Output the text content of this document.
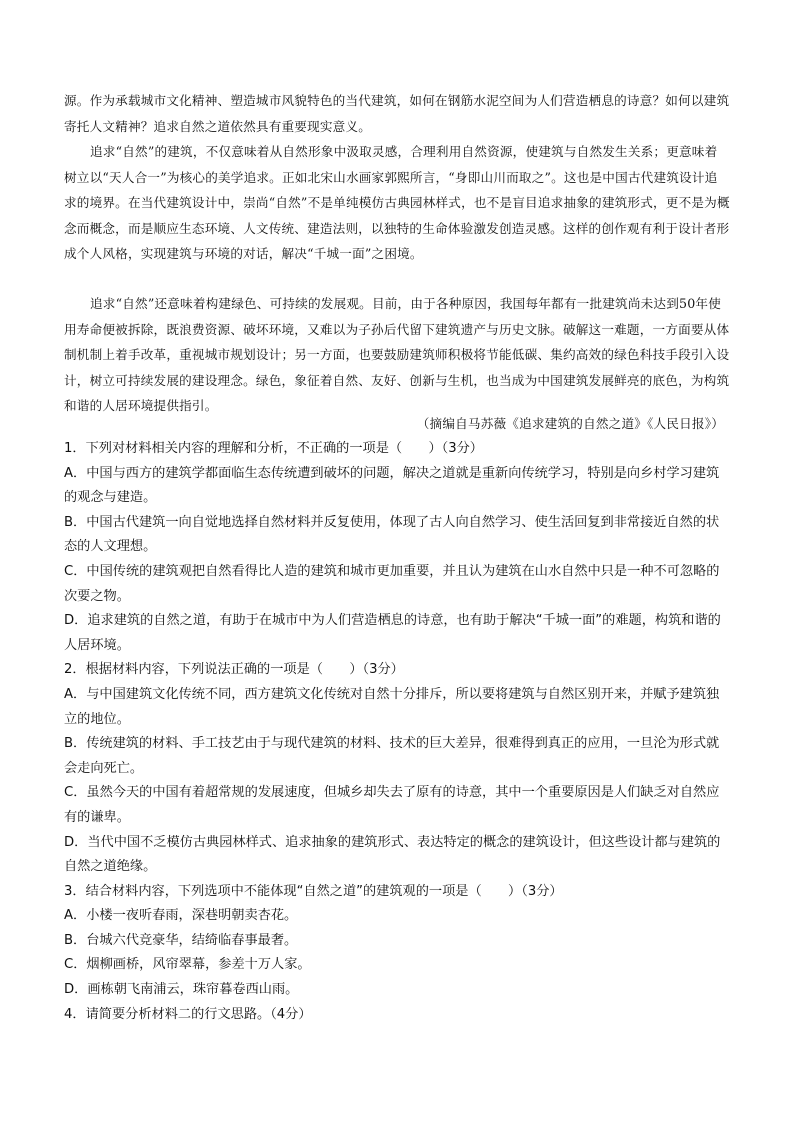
源。作为承载城市文化精神、塑造城市风貌特色的当代建筑，如何在钢筋水泥空间为人们营造栖息的诗意？如何以建筑寄托人文精神？追求自然之道依然具有重要现实意义。

追求“自然”的建筑，不仅意味着从自然形象中汲取灵感，合理利用自然资源，使建筑与自然发生关系；更意味着树立以“天人合一”为核心的美学追求。正如北宋山水画家郭熙所言，“身即山川而取之”。这也是中国古代建筑设计追求的境界。在当代建筑设计中，崇尚“自然”不是单纯模仿古典园林样式，也不是盲目追求抽象的建筑形式，更不是为概念而概念，而是顺应生态环境、人文传统、建造法则，以独特的生命体验激发创造灵感。这样的创作观有利于设计者形成个人风格，实现建筑与环境的对话，解决“千城一面”之困境。

追求“自然”还意味着构建绿色、可持续的发展观。目前，由于各种原因，我国每年都有一批建筑尚未达到50年使用寿命便被拆除，既浪费资源、破坏环境，又难以为子孙后代留下建筑遗产与历史文脉。破解这一难题，一方面要从体制机制上着手改革，重视城市规划设计；另一方面，也要鼓励建筑师积极将节能低碳、集约高效的绿色科技手段引入设计，树立可持续发展的建设理念。绿色，象征着自然、友好、创新与生机，也当成为中国建筑发展鲜亮的底色，为构筑和谐的人居环境提供指引。

（摘编自马苏薇《追求建筑的自然之道》《人民日报》）

1．下列对材料相关内容的理解和分析，不正确的一项是（　　）（3分）

A．中国与西方的建筑学都面临生态传统遭到破坏的问题，解决之道就是重新向传统学习，特别是向乡村学习建筑的观念与建造。

B．中国古代建筑一向自觉地选择自然材料并反复使用，体现了古人向自然学习、使生活回复到非常接近自然的状态的人文理想。

C．中国传统的建筑观把自然看得比人造的建筑和城市更加重要，并且认为建筑在山水自然中只是一种不可忽略的次要之物。

D．追求建筑的自然之道，有助于在城市中为人们营造栖息的诗意，也有助于解决“千城一面”的难题，构筑和谐的人居环境。

2．根据材料内容，下列说法正确的一项是（　　）（3分）

A．与中国建筑文化传统不同，西方建筑文化传统对自然十分排斥，所以要将建筑与自然区别开来，并赋予建筑独立的地位。

B．传统建筑的材料、手工技艺由于与现代建筑的材料、技术的巨大差异，很难得到真正的应用，一旦沦为形式就会走向死亡。

C．虽然今天的中国有着超常规的发展速度，但城乡却失去了原有的诗意，其中一个重要原因是人们缺乏对自然应有的谦卑。

D．当代中国不乏模仿古典园林样式、追求抽象的建筑形式、表达特定的概念的建筑设计，但这些设计都与建筑的自然之道绝缘。

3．结合材料内容，下列选项中不能体现“自然之道”的建筑观的一项是（　　）（3分）

A．小楼一夜听春雨，深巷明朝卖杏花。

B．台城六代竞豪华，结绮临春事最奢。

C．烟柳画桥，风帘翠幕，参差十万人家。

D．画栋朝飞南浦云，珠帘暮卷西山雨。

4．请简要分析材料二的行文思路。（4分）
